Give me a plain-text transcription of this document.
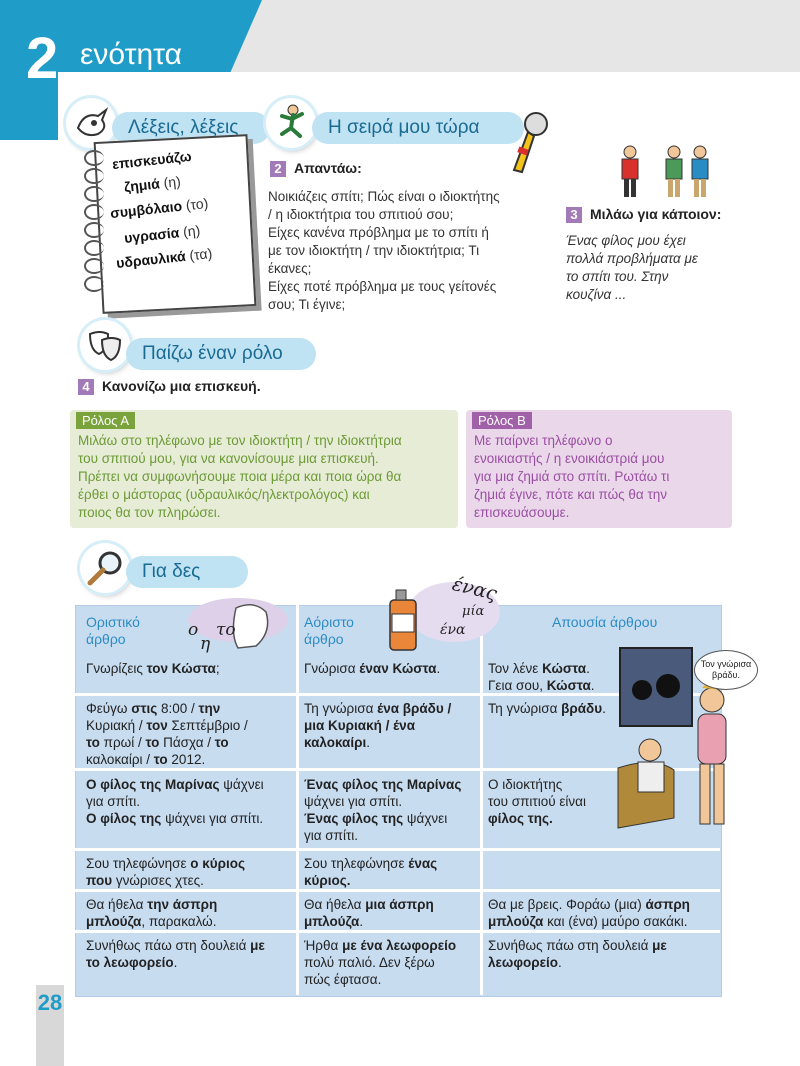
2 ενότητα
Λέξεις, λέξεις
επισκευάζω
ζημιά (η)
συμβόλαιο (το)
υγρασία (η)
υδραυλικά (τα)
Η σειρά μου τώρα
2 Απαντάω:
Νοικιάζεις σπίτι; Πώς είναι ο ιδιοκτήτης
/ η ιδιοκτήτρια του σπιτιού σου;
Είχες κανένα πρόβλημα με το σπίτι ή
με τον ιδιοκτήτη / την ιδιοκτήτρια; Τι
έκανες;
Είχες ποτέ πρόβλημα με τους γείτονές
σου; Τι έγινε;
3 Μιλάω για κάποιον:
Ένας φίλος μου έχει
πολλά προβλήματα με
το σπίτι του. Στην
κουζίνα ...
Παίζω έναν ρόλο
4 Κανονίζω μια επισκευή.
Ρόλος Α
Μιλάω στο τηλέφωνο με τον ιδιοκτήτη / την ιδιοκτήτρια
του σπιτιού μου, για να κανονίσουμε μια επισκευή.
Πρέπει να συμφωνήσουμε ποια μέρα και ποια ώρα θα
έρθει ο μάστορας (υδραυλικός/ηλεκτρολόγος) και
ποιος θα τον πληρώσει.
Ρόλος Β
Με παίρνει τηλέφωνο ο
ενοικιαστής / η ενοικιάστριά μου
για μια ζημιά στο σπίτι. Ρωτάω τι
ζημιά έγινε, πότε και πώς θα την
επισκευάσουμε.
Για δες
Οριστικό
άρθρο
Αόριστο
άρθρο
Απουσία άρθρου
ο
η
το
ένας
μία
ένα
Τον γνώρισα βράδυ.
Γνωρίζεις τον Κώστα;	Γνώρισα έναν Κώστα.	Τον λένε Κώστα.
Γεια σου, Κώστα.
Φεύγω στις 8:00 / την
Κυριακή / τον Σεπτέμβριο /
το πρωί / το Πάσχα / το
καλοκαίρι / το 2012.
Τη γνώρισα ένα βράδυ /
μια Κυριακή / ένα
καλοκαίρι.
Τη γνώρισα βράδυ.
Ο φίλος της Μαρίνας ψάχνει
για σπίτι.
Ο φίλος της ψάχνει για σπίτι.
Ένας φίλος της Μαρίνας
ψάχνει για σπίτι.
Ένας φίλος της ψάχνει
για σπίτι.
Ο ιδιοκτήτης
του σπιτιού είναι
φίλος της.
Σου τηλεφώνησε ο κύριος
που γνώρισες χτες.
Σου τηλεφώνησε ένας
κύριος.
Θα ήθελα την άσπρη
μπλούζα, παρακαλώ.
Θα ήθελα μια άσπρη
μπλούζα.
Θα με βρεις. Φοράω (μια) άσπρη
μπλούζα και (ένα) μαύρο σακάκι.
Συνήθως πάω στη δουλειά με
το λεωφορείο.
Ήρθα με ένα λεωφορείο
πολύ παλιό. Δεν ξέρω
πώς έφτασα.
Συνήθως πάω στη δουλειά με
λεωφορείο.
28
